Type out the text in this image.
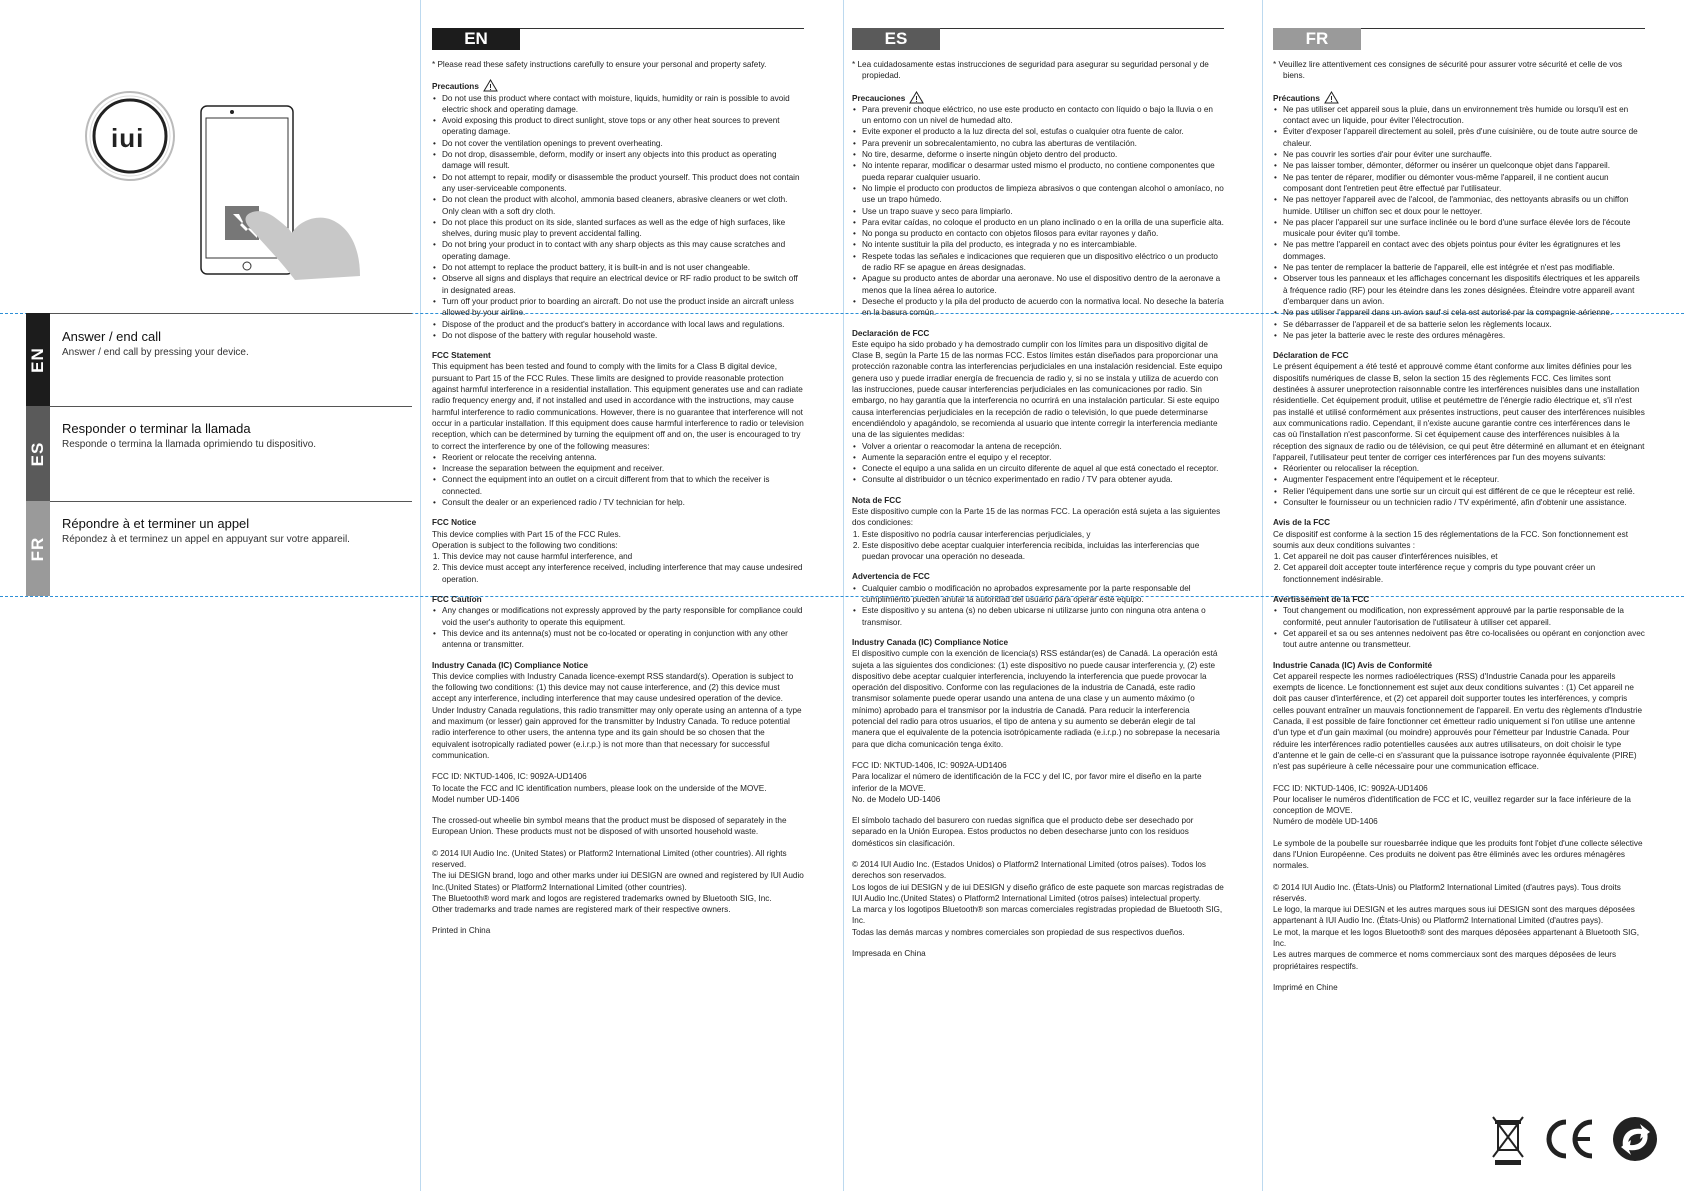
iui
EN
Answer / end call
Answer / end call by pressing your device.
ES
Responder o terminar la llamada
Responde o termina la llamada oprimiendo tu dispositivo.
FR
Répondre à et terminer un appel
Répondez à et terminez un appel en appuyant sur votre appareil.
EN

* Please read these safety instructions carefully to ensure your personal and property safety.

Precautions
• Do not use this product where contact with moisture, liquids, humidity or rain is possible to avoid electric shock and operating damage.
• Avoid exposing this product to direct sunlight, stove tops or any other heat sources to prevent operating damage.
• Do not cover the ventilation openings to prevent overheating.
• Do not drop, disassemble, deform, modify or insert any objects into this product as operating damage will result.
• Do not attempt to repair, modify or disassemble the product yourself. This product does not contain any user-serviceable components.
• Do not clean the product with alcohol, ammonia based cleaners, abrasive cleaners or wet cloth. Only clean with a soft dry cloth.
• Do not place this product on its side, slanted surfaces as well as the edge of high surfaces, like shelves, during music play to prevent accidental falling.
• Do not bring your product in to contact with any sharp objects as this may cause scratches and operating damage.
• Do not attempt to replace the product battery, it is built-in and is not user changeable.
• Observe all signs and displays that require an electrical device or RF radio product to be switch off in designated areas.
• Turn off your product prior to boarding an aircraft. Do not use the product inside an aircraft unless allowed by your airline.
• Dispose of the product and the product's battery in accordance with local laws and regulations.
• Do not dispose of the battery with regular household waste.
FCC Statement

This equipment has been tested and found to comply with the limits for a Class B digital device, pursuant to Part 15 of the FCC Rules. These limits are designed to provide reasonable protection against harmful interference in a residential installation. This equipment generates use and can radiate radio frequency energy and, if not installed and used in accordance with the instructions, may cause harmful interference to radio communications. However, there is no guarantee that interference will not occur in a particular installation. If this equipment does cause harmful interference to radio or television reception, which can be determined by turning the equipment off and on, the user is encouraged to try to correct the interference by one of the following measures:

• Reorient or relocate the receiving antenna.
• Increase the separation between the equipment and receiver.
• Connect the equipment into an outlet on a circuit different from that to which the receiver is connected.
• Consult the dealer or an experienced radio / TV technician for help.
FCC Notice

This device complies with Part 15 of the FCC Rules.
Operation is subject to the following two conditions:

1. This device may not cause harmful interference, and
2. This device must accept any interference received, including interference that may cause undesired operation.
FCC Caution
• Any changes or modifications not expressly approved by the party responsible for compliance could void the user's authority to operate this equipment.
• This device and its antenna(s) must not be co-located or operating in conjunction with any other antenna or transmitter.
Industry Canada (IC) Compliance Notice

This device complies with Industry Canada licence-exempt RSS standard(s). Operation is subject to the following two conditions: (1) this device may not cause interference, and (2) this device must accept any interference, including interference that may cause undesired operation of the device. Under Industry Canada regulations, this radio transmitter may only operate using an antenna of a type and maximum (or lesser) gain approved for the transmitter by Industry Canada. To reduce potential radio interference to other users, the antenna type and its gain should be so chosen that the equivalent isotropically radiated power (e.i.r.p.) is not more than that necessary for successful communication.

FCC ID: NKTUD-1406, IC: 9092A-UD1406
To locate the FCC and IC identification numbers, please look on the underside of the MOVE.
Model number UD-1406

The crossed-out wheelie bin symbol means that the product must be disposed of separately in the European Union. These products must not be disposed of with unsorted household waste.

© 2014 IUI Audio Inc. (United States) or Platform2 International Limited (other countries). All rights reserved.
The iui DESIGN brand, logo and other marks under iui DESIGN are owned and registered by IUI Audio Inc.(United States) or Platform2 International Limited (other countries).
The Bluetooth® word mark and logos are registered trademarks owned by Bluetooth SIG, Inc.
Other trademarks and trade names are registered mark of their respective owners.

Printed in China

ES

* Lea cuidadosamente estas instrucciones de seguridad para asegurar su seguridad personal y de propiedad.

Precauciones
• Para prevenir choque eléctrico, no use este producto en contacto con líquido o bajo la lluvia o en un entorno con un nivel de humedad alto.
• Evite exponer el producto a la luz directa del sol, estufas o cualquier otra fuente de calor.
• Para prevenir un sobrecalentamiento, no cubra las aberturas de ventilación.
• No tire, desarme, deforme o inserte ningún objeto dentro del producto.
• No intente reparar, modificar o desarmar usted mismo el producto, no contiene componentes que pueda reparar cualquier usuario.
• No limpie el producto con productos de limpieza abrasivos o que contengan alcohol o amoníaco, no use un trapo húmedo.
• Use un trapo suave y seco para limpiarlo.
• Para evitar caídas, no coloque el producto en un plano inclinado o en la orilla de una superficie alta.
• No ponga su producto en contacto con objetos filosos para evitar rayones y daño.
• No intente sustituir la pila del producto, es integrada y no es intercambiable.
• Respete todas las señales e indicaciones que requieren que un dispositivo eléctrico o un producto de radio RF se apague en áreas designadas.
• Apague su producto antes de abordar una aeronave. No use el dispositivo dentro de la aeronave a menos que la línea aérea lo autorice.
• Deseche el producto y la pila del producto de acuerdo con la normativa local. No deseche la batería en la basura común.
Declaración de FCC

Este equipo ha sido probado y ha demostrado cumplir con los límites para un dispositivo digital de Clase B, según la Parte 15 de las normas FCC. Estos límites están diseñados para proporcionar una protección razonable contra las interferencias perjudiciales en una instalación residencial. Este equipo genera uso y puede irradiar energía de frecuencia de radio y, si no se instala y utiliza de acuerdo con las instrucciones, puede causar interferencias perjudiciales en las comunicaciones por radio. Sin embargo, no hay garantía que la interferencia no ocurrirá en una instalación particular. Si este equipo causa interferencias perjudiciales en la recepción de radio o televisión, lo que puede determinarse encendiéndolo y apagándolo, se recomienda al usuario que intente corregir la interferencia mediante una de las siguientes medidas:

• Volver a orientar o reacomodar la antena de recepción.
• Aumente la separación entre el equipo y el receptor.
• Conecte el equipo a una salida en un circuito diferente de aquel al que está conectado el receptor.
• Consulte al distribuidor o un técnico experimentado en radio / TV para obtener ayuda.
Nota de FCC

Este dispositivo cumple con la Parte 15 de las normas FCC. La operación está sujeta a las siguientes dos condiciones:

1. Este dispositivo no podría causar interferencias perjudiciales, y
2. Este dispositivo debe aceptar cualquier interferencia recibida, incluidas las interferencias que puedan provocar una operación no deseada.
Advertencia de FCC
• Cualquier cambio o modificación no aprobados expresamente por la parte responsable del cumplimiento pueden anular la autoridad del usuario para operar este equipo.
• Este dispositivo y su antena (s) no deben ubicarse ni utilizarse junto con ninguna otra antena o transmisor.
Industry Canada (IC) Compliance Notice

El dispositivo cumple con la exención de licencia(s) RSS estándar(es) de Canadá. La operación está sujeta a las siguientes dos condiciones: (1) este dispositivo no puede causar interferencia y, (2) este dispositivo debe aceptar cualquier interferencia, incluyendo la interferencia que puede provocar la operación del dispositivo. Conforme con las regulaciones de la industria de Canadá, este radio transmisor solamente puede operar usando una antena de una clase y un aumento máximo (o mínimo) aprobado para el transmisor por la industria de Canadá. Para reducir la interferencia potencial del radio para otros usuarios, el tipo de antena y su aumento se deberán elegir de tal manera que el equivalente de la potencia isotrópicamente radiada (e.i.r.p.) no sobrepase la necesaria para que dicha comunicación tenga éxito.

FCC ID: NKTUD-1406, IC: 9092A-UD1406
Para localizar el número de identificación de la FCC y del IC, por favor mire el diseño en la parte inferior de la MOVE.
No. de Modelo UD-1406

El símbolo tachado del basurero con ruedas significa que el producto debe ser desechado por separado en la Unión Europea. Estos productos no deben desecharse junto con los residuos domésticos sin clasificación.

© 2014 IUI Audio Inc. (Estados Unidos) o Platform2 International Limited (otros países). Todos los derechos son reservados.
Los logos de iui DESIGN y de iui DESIGN y diseño gráfico de este paquete son marcas registradas de IUI Audio Inc.(United States) o Platform2 International Limited (otros países) intelectual property.
La marca y los logotipos Bluetooth® son marcas comerciales registradas propiedad de Bluetooth SIG, Inc.
Todas las demás marcas y nombres comerciales son propiedad de sus respectivos dueños.

Impresada en China

FR

* Veuillez lire attentivement ces consignes de sécurité pour assurer votre sécurité et celle de vos biens.

Précautions
• Ne pas utiliser cet appareil sous la pluie, dans un environnement très humide ou lorsqu'il est en contact avec un liquide, pour éviter l'électrocution.
• Éviter d'exposer l'appareil directement au soleil, près d'une cuisinière, ou de toute autre source de chaleur.
• Ne pas couvrir les sorties d'air pour éviter une surchauffe.
• Ne pas laisser tomber, démonter, déformer ou insérer un quelconque objet dans l'appareil.
• Ne pas tenter de réparer, modifier ou démonter vous-même l'appareil, il ne contient aucun composant dont l'entretien peut être effectué par l'utilisateur.
• Ne pas nettoyer l'appareil avec de l'alcool, de l'ammoniac, des nettoyants abrasifs ou un chiffon humide. Utiliser un chiffon sec et doux pour le nettoyer.
• Ne pas placer l'appareil sur une surface inclinée ou le bord d'une surface élevée lors de l'écoute musicale pour éviter qu'il tombe.
• Ne pas mettre l'appareil en contact avec des objets pointus pour éviter les égratignures et les dommages.
• Ne pas tenter de remplacer la batterie de l'appareil, elle est intégrée et n'est pas modifiable.
• Observer tous les panneaux et les affichages concernant les dispositifs électriques et les appareils à fréquence radio (RF) pour les éteindre dans les zones désignées. Éteindre votre appareil avant d'embarquer dans un avion.
• Ne pas utiliser l'appareil dans un avion sauf si cela est autorisé par la compagnie aérienne.
• Se débarrasser de l'appareil et de sa batterie selon les règlements locaux.
• Ne pas jeter la batterie avec le reste des ordures ménagères.
Déclaration de FCC

Le présent équipement a été testé et approuvé comme étant conforme aux limites définies pour les dispositifs numériques de classe B, selon la section 15 des règlements FCC. Ces limites sont destinées à assurer uneprotection raisonnable contre les interférences nuisibles dans une installation résidentielle. Cet équipement produit, utilise et peutémettre de l'énergie radio électrique et, s'il n'est pas installé et utilisé conformément aux présentes instructions, peut causer des interférences nuisibles aux communications radio. Cependant, il n'existe aucune garantie contre ces interférences dans le cas où l'installation n'est pasconforme. Si cet équipement cause des interférences nuisibles à la réception des signaux de radio ou de télévision, ce qui peut être déterminé en allumant et en éteignant l'appareil, l'utilisateur peut tenter de corriger ces interférences par l'un des moyens suivants:

• Réorienter ou relocaliser la réception.
• Augmenter l'espacement entre l'équipement et le récepteur.
• Relier l'équipement dans une sortie sur un circuit qui est différent de ce que le récepteur est relié.
• Consulter le fournisseur ou un technicien radio / TV expérimenté, afin d'obtenir une assistance.
Avis de la FCC

Ce dispositif est conforme à la section 15 des réglementations de la FCC. Son fonctionnement est soumis aux deux conditions suivantes :

1. Cet appareil ne doit pas causer d'interférences nuisibles, et
2. Cet appareil doit accepter toute interférence reçue y compris du type pouvant créer un fonctionnement indésirable.
Avertissement de la FCC
• Tout changement ou modification, non expressément approuvé par la partie responsable de la conformité, peut annuler l'autorisation de l'utilisateur à utiliser cet appareil.
• Cet appareil et sa ou ses antennes nedoivent pas être co-localisées ou opérant en conjonction avec tout autre antenne ou transmetteur.
Industrie Canada (IC) Avis de Conformité

Cet appareil respecte les normes radioélectriques (RSS) d'Industrie Canada pour les appareils exempts de licence. Le fonctionnement est sujet aux deux conditions suivantes : (1) Cet appareil ne doit pas causer d'interférence, et (2) cet appareil doit supporter toutes les interférences, y compris celles pouvant entraîner un mauvais fonctionnement de l'appareil. En vertu des règlements d'Industrie Canada, il est possible de faire fonctionner cet émetteur radio uniquement si l'on utilise une antenne d'un type et d'un gain maximal (ou moindre) approuvés pour l'émetteur par Industrie Canada. Pour réduire les interférences radio potentielles causées aux autres utilisateurs, on doit choisir le type d'antenne et le gain de celle-ci en s'assurant que la puissance isotrope rayonnée équivalente (PIRE) n'est pas supérieure à celle nécessaire pour une communication efficace.

FCC ID: NKTUD-1406, IC: 9092A-UD1406
Pour localiser le numéros d'identification de FCC et IC, veuillez regarder sur la face inférieure de la conception de MOVE.
Numéro de modèle UD-1406

Le symbole de la poubelle sur rouesbarrée indique que les produits font l'objet d'une collecte sélective dans l'Union Européenne. Ces produits ne doivent pas être éliminés avec les ordures ménagères normales.

© 2014 IUI Audio Inc. (États-Unis) ou Platform2 International Limited (d'autres pays). Tous droits réservés.
Le logo, la marque iui DESIGN et les autres marques sous iui DESIGN sont des marques déposées appartenant à IUI Audio Inc. (États-Unis) ou Platform2 International Limited (d'autres pays).
Le mot, la marque et les logos Bluetooth® sont des marques déposées appartenant à Bluetooth SIG, Inc.
Les autres marques de commerce et noms commerciaux sont des marques déposées de leurs propriétaires respectifs.

Imprimé en Chine
